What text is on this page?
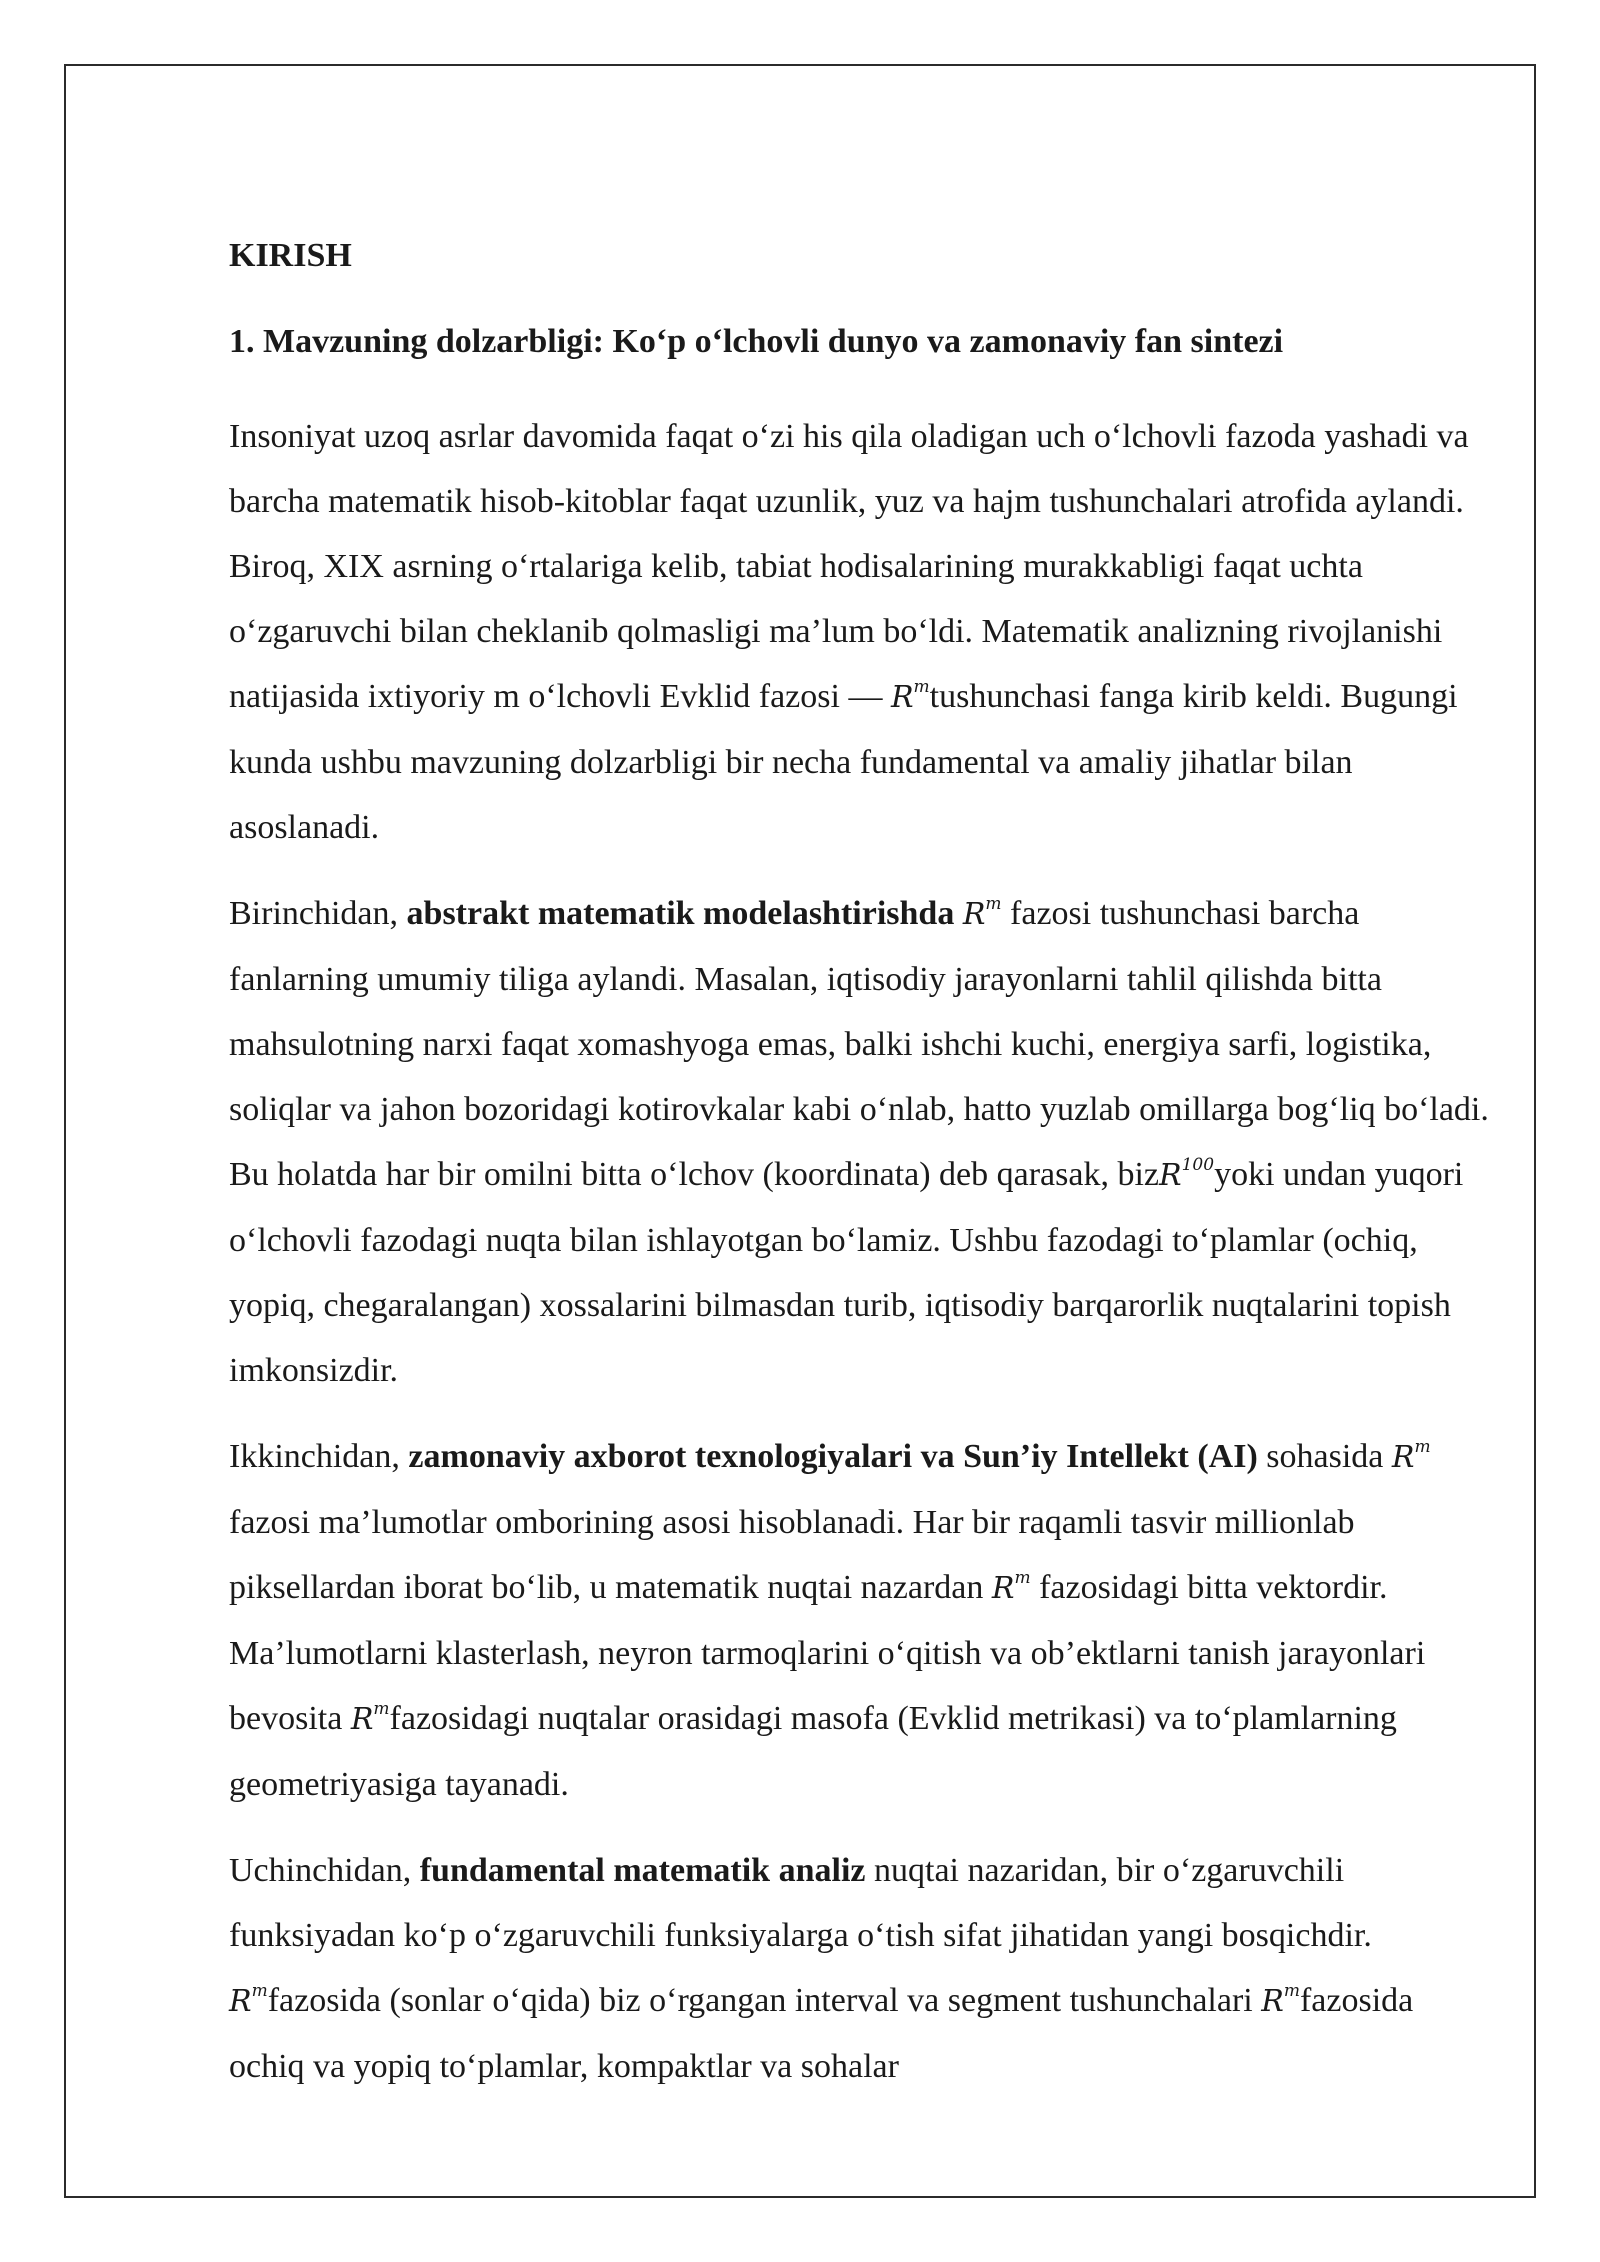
KIRISH
1. Mavzuning dolzarbligi: Ko‘p o‘lchovli dunyo va zamonaviy fan sintezi

Insoniyat uzoq asrlar davomida faqat o‘zi his qila oladigan uch o‘lchovli fazoda yashadi va barcha matematik hisob-kitoblar faqat uzunlik, yuz va hajm tushunchalari atrofida aylandi. Biroq, XIX asrning o‘rtalariga kelib, tabiat hodisalarining murakkabligi faqat uchta o‘zgaruvchi bilan cheklanib qolmasligi ma’lum bo‘ldi. Matematik analizning rivojlanishi natijasida ixtiyoriy m o‘lchovli Evklid fazosi — $R^mtushunchasi$ fanga kirib keldi. Bugungi kunda ushbu mavzuning dolzarbligi bir necha fundamental va amaliy jihatlar bilan asoslanadi.

Birinchidan, abstrakt matematik modelashtirishda $R^m$ fazosi tushunchasi barcha fanlarning umumiy tiliga aylandi. Masalan, iqtisodiy jarayonlarni tahlil qilishda bitta mahsulotning narxi faqat xomashyoga emas, balki ishchi kuchi, energiya sarfi, logistika, soliqlar va jahon bozoridagi kotirovkalar kabi o‘nlab, hatto yuzlab omillarga bog‘liq bo‘ladi. Bu holatda har bir omilni bitta o‘lchov (koordinata) deb qarasak, bizR$^{100}$yoki undan yuqori o‘lchovli fazodagi nuqta bilan ishlayotgan bo‘lamiz. Ushbu fazodagi to‘plamlar (ochiq, yopiq, chegaralangan) xossalarini bilmasdan turib, iqtisodiy barqarorlik nuqtalarini topish imkonsizdir.

Ikkinchidan, zamonaviy axborot texnologiyalari va Sun’iy Intellekt (AI) sohasida $R^m$ fazosi ma’lumotlar omborining asosi hisoblanadi. Har bir raqamli tasvir millionlab piksellardan iborat bo‘lib, u matematik nuqtai nazardan $R^m$ fazosidagi bitta vektordir. Ma’lumotlarni klasterlash, neyron tarmoqlarini o‘qitish va ob’ektlarni tanish jarayonlari bevosita $R^mfazosidagi$ nuqtalar orasidagi masofa (Evklid metrikasi) va to‘plamlarning geometriyasiga tayanadi.

Uchinchidan, fundamental matematik analiz nuqtai nazaridan, bir o‘zgaruvchili funksiyadan ko‘p o‘zgaruvchili funksiyalarga o‘tish sifat jihatidan yangi bosqichdir. $R^mfazosida$ (sonlar o‘qida) biz o‘rgangan interval va segment tushunchalari $R^mfazosida$ ochiq va yopiq to‘plamlar, kompaktlar va sohalar
